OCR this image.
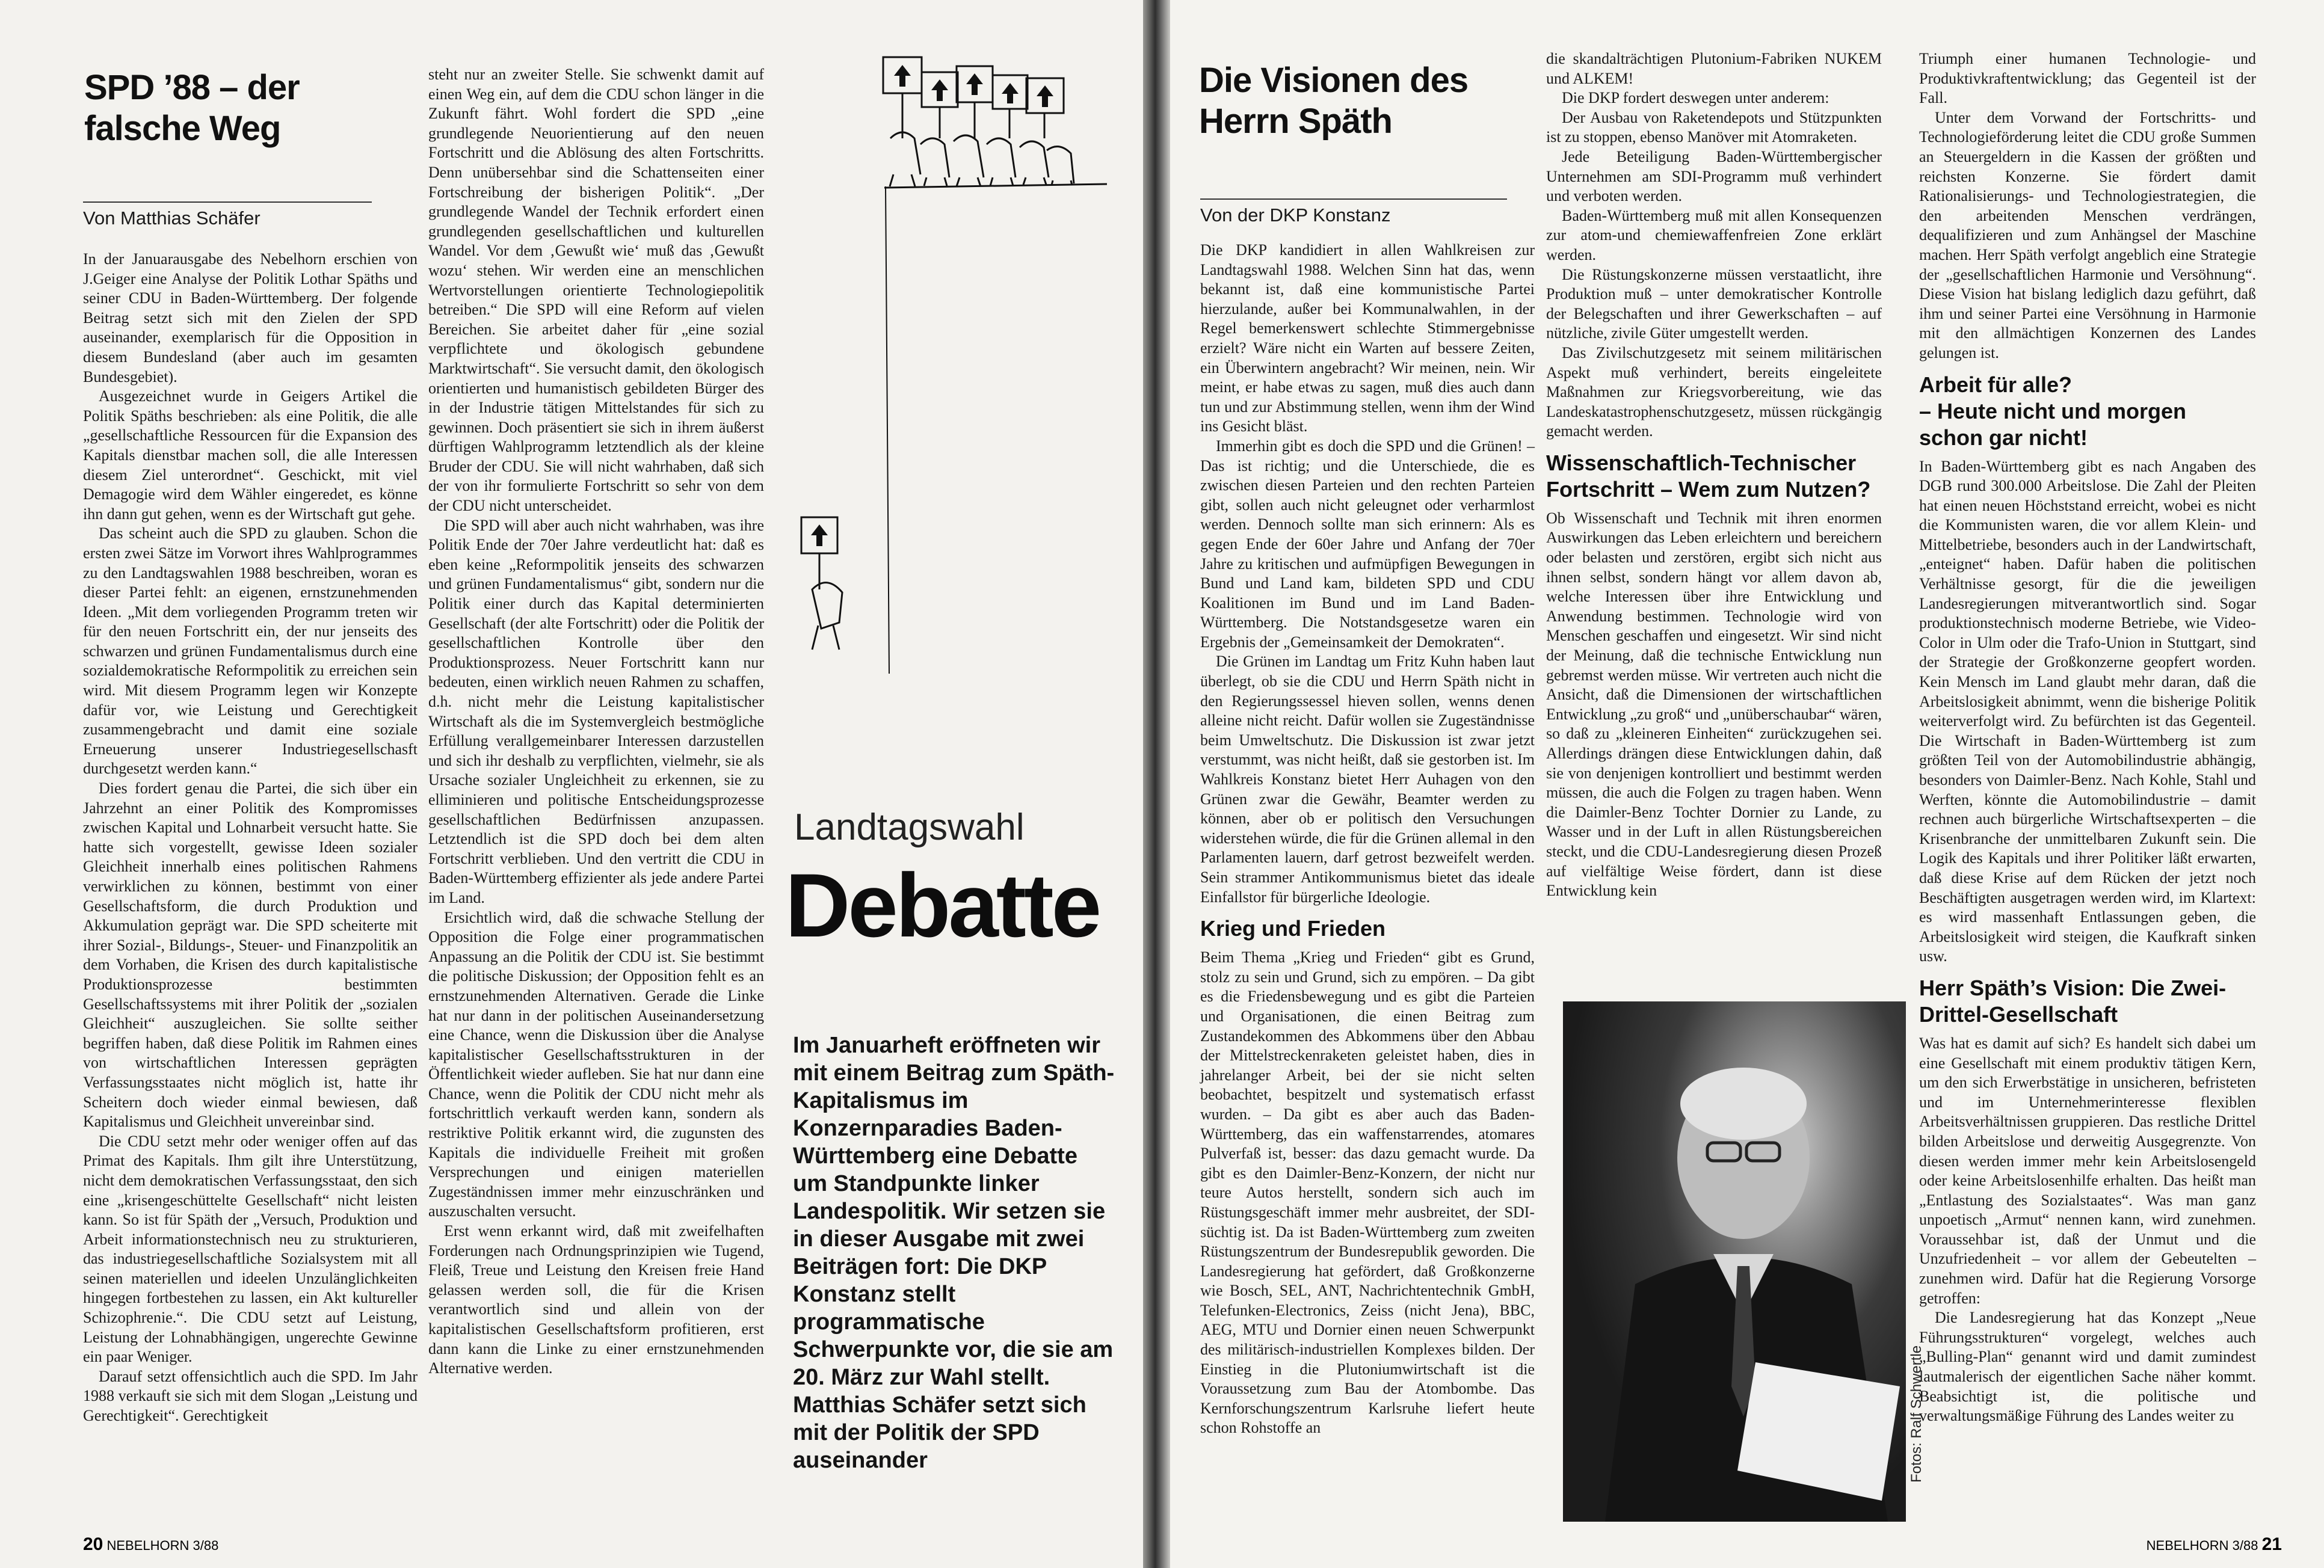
SPD ’88 – der falsche Weg
Von Matthias Schäfer

In der Januarausgabe des Nebelhorn erschien von J.Geiger eine Analyse der Politik Lothar Späths und seiner CDU in Baden-Württemberg. Der folgende Beitrag setzt sich mit den Zielen der SPD auseinander, exemplarisch für die Opposition in diesem Bundesland (aber auch im gesamten Bundesgebiet).

Ausgezeichnet wurde in Geigers Artikel die Politik Späths beschrieben: als eine Politik, die alle „gesellschaftliche Ressourcen für die Expansion des Kapitals dienstbar machen soll, die alle Interessen diesem Ziel unterordnet“. Geschickt, mit viel Demagogie wird dem Wähler eingeredet, es könne ihn dann gut gehen, wenn es der Wirtschaft gut gehe.

Das scheint auch die SPD zu glauben. Schon die ersten zwei Sätze im Vorwort ihres Wahlprogrammes zu den Landtagswahlen 1988 beschreiben, woran es dieser Partei fehlt: an eigenen, ernstzunehmenden Ideen. „Mit dem vorliegenden Programm treten wir für den neuen Fortschritt ein, der nur jenseits des schwarzen und grünen Fundamentalismus durch eine sozialdemokratische Reformpolitik zu erreichen sein wird. Mit diesem Programm legen wir Konzepte dafür vor, wie Leistung und Gerechtigkeit zusammengebracht und damit eine soziale Erneuerung unserer Industriegesellschasft durchgesetzt werden kann.“

Dies fordert genau die Partei, die sich über ein Jahrzehnt an einer Politik des Kompromisses zwischen Kapital und Lohnarbeit versucht hatte. Sie hatte sich vorgestellt, gewisse Ideen sozialer Gleichheit innerhalb eines politischen Rahmens verwirklichen zu können, bestimmt von einer Gesellschaftsform, die durch Produktion und Akkumulation geprägt war. Die SPD scheiterte mit ihrer Sozial-, Bildungs-, Steuer- und Finanzpolitik an dem Vorhaben, die Krisen des durch kapitalistische Produktionsprozesse bestimmten Gesellschaftssystems mit ihrer Politik der „sozialen Gleichheit“ auszugleichen. Sie sollte seither begriffen haben, daß diese Politik im Rahmen eines von wirtschaftlichen Interessen geprägten Verfassungsstaates nicht möglich ist, hatte ihr Scheitern doch wieder einmal bewiesen, daß Kapitalismus und Gleichheit unvereinbar sind.

Die CDU setzt mehr oder weniger offen auf das Primat des Kapitals. Ihm gilt ihre Unterstützung, nicht dem demokratischen Verfassungsstaat, den sich eine „krisengeschüttelte Gesellschaft“ nicht leisten kann. So ist für Späth der „Versuch, Produktion und Arbeit informationstechnisch neu zu strukturieren, das industriegesellschaftliche Sozialsystem mit all seinen materiellen und ideelen Unzulänglichkeiten hingegen fortbestehen zu lassen, ein Akt kultureller Schizophrenie.“. Die CDU setzt auf Leistung, Leistung der Lohnabhängigen, ungerechte Gewinne ein paar Weniger.

Darauf setzt offensichtlich auch die SPD. Im Jahr 1988 verkauft sie sich mit dem Slogan „Leistung und Gerechtigkeit“. Gerechtigkeit

steht nur an zweiter Stelle. Sie schwenkt damit auf einen Weg ein, auf dem die CDU schon länger in die Zukunft fährt. Wohl fordert die SPD „eine grundlegende Neuorientierung auf den neuen Fortschritt und die Ablösung des alten Fortschritts. Denn unübersehbar sind die Schattenseiten einer Fortschreibung der bisherigen Politik“. „Der grundlegende Wandel der Technik erfordert einen grundlegenden gesellschaftlichen und kulturellen Wandel. Vor dem ‚Gewußt wie‘ muß das ‚Gewußt wozu‘ stehen. Wir werden eine an menschlichen Wertvorstellungen orientierte Technologiepolitik betreiben.“ Die SPD will eine Reform auf vielen Bereichen. Sie arbeitet daher für „eine sozial verpflichtete und ökologisch gebundene Marktwirtschaft“. Sie versucht damit, den ökologisch orientierten und humanistisch gebildeten Bürger des in der Industrie tätigen Mittelstandes für sich zu gewinnen. Doch präsentiert sie sich in ihrem äußerst dürftigen Wahlprogramm letztendlich als der kleine Bruder der CDU. Sie will nicht wahrhaben, daß sich der von ihr formulierte Fortschritt so sehr von dem der CDU nicht unterscheidet.

Die SPD will aber auch nicht wahrhaben, was ihre Politik Ende der 70er Jahre verdeutlicht hat: daß es eben keine „Reformpolitik jenseits des schwarzen und grünen Fundamentalismus“ gibt, sondern nur die Politik einer durch das Kapital determinierten Gesellschaft (der alte Fortschritt) oder die Politik der gesellschaftlichen Kontrolle über den Produktionsprozess. Neuer Fortschritt kann nur bedeuten, einen wirklich neuen Rahmen zu schaffen, d.h. nicht mehr die Leistung kapitalistischer Wirtschaft als die im Systemvergleich bestmögliche Erfüllung verallgemeinbarer Interessen darzustellen und sich ihr deshalb zu verpflichten, vielmehr, sie als Ursache sozialer Ungleichheit zu erkennen, sie zu elliminieren und politische Entscheidungsprozesse gesellschaftlichen Bedürfnissen anzupassen. Letztendlich ist die SPD doch bei dem alten Fortschritt verblieben. Und den vertritt die CDU in Baden-Württemberg effizienter als jede andere Partei im Land.

Ersichtlich wird, daß die schwache Stellung der Opposition die Folge einer programmatischen Anpassung an die Politik der CDU ist. Sie bestimmt die politische Diskussion; der Opposition fehlt es an ernstzunehmenden Alternativen. Gerade die Linke hat nur dann in der politischen Auseinandersetzung eine Chance, wenn die Diskussion über die Analyse kapitalistischer Gesellschaftsstrukturen in der Öffentlichkeit wieder aufleben. Sie hat nur dann eine Chance, wenn die Politik der CDU nicht mehr als fortschrittlich verkauft werden kann, sondern als restriktive Politik erkannt wird, die zugunsten des Kapitals die individuelle Freiheit mit großen Versprechungen und einigen materiellen Zugeständnissen immer mehr einzuschränken und auszuschalten versucht.

Erst wenn erkannt wird, daß mit zweifelhaften Forderungen nach Ordnungsprinzipien wie Tugend, Fleiß, Treue und Leistung den Kreisen freie Hand gelassen werden soll, die für die Krisen verantwortlich sind und allein von der kapitalistischen Gesellschaftsform profitieren, erst dann kann die Linke zu einer ernstzunehmenden Alternative werden.

Landtagswahl
Debatte
Im Januarheft eröffneten wir mit einem Beitrag zum Späth-Kapitalismus im Konzernparadies Baden-Württemberg eine Debatte um Standpunkte linker Landespolitik. Wir setzen sie in dieser Ausgabe mit zwei Beiträgen fort: Die DKP Konstanz stellt programmatische Schwerpunkte vor, die sie am 20. März zur Wahl stellt.
Matthias Schäfer setzt sich mit der Politik der SPD auseinander
20 NEBELHORN 3/88
Die Visionen des Herrn Späth
Von der DKP Konstanz

Die DKP kandidiert in allen Wahlkreisen zur Landtagswahl 1988. Welchen Sinn hat das, wenn bekannt ist, daß eine kommunistische Partei hierzulande, außer bei Kommunalwahlen, in der Regel bemerkenswert schlechte Stimmergebnisse erzielt? Wäre nicht ein Warten auf bessere Zeiten, ein Überwintern angebracht? Wir meinen, nein. Wir meint, er habe etwas zu sagen, muß dies auch dann tun und zur Abstimmung stellen, wenn ihm der Wind ins Gesicht bläst.

Immerhin gibt es doch die SPD und die Grünen! – Das ist richtig; und die Unterschiede, die es zwischen diesen Parteien und den rechten Parteien gibt, sollen auch nicht geleugnet oder verharmlost werden. Dennoch sollte man sich erinnern: Als es gegen Ende der 60er Jahre und Anfang der 70er Jahre zu kritischen und aufmüpfigen Bewegungen in Bund und Land kam, bildeten SPD und CDU Koalitionen im Bund und im Land Baden-Württemberg. Die Notstandsgesetze waren ein Ergebnis der „Gemeinsamkeit der Demokraten“.

Die Grünen im Landtag um Fritz Kuhn haben laut überlegt, ob sie die CDU und Herrn Späth nicht in den Regierungssessel hieven sollen, wenns denen alleine nicht reicht. Dafür wollen sie Zugeständnisse beim Umweltschutz. Die Diskussion ist zwar jetzt verstummt, was nicht heißt, daß sie gestorben ist. Im Wahlkreis Konstanz bietet Herr Auhagen von den Grünen zwar die Gewähr, Beamter werden zu können, aber ob er politisch den Versuchungen widerstehen würde, die für die Grünen allemal in den Parlamenten lauern, darf getrost bezweifelt werden. Sein strammer Antikommunismus bietet das ideale Einfallstor für bürgerliche Ideologie.

Krieg und Frieden

Beim Thema „Krieg und Frieden“ gibt es Grund, stolz zu sein und Grund, sich zu empören. – Da gibt es die Friedensbewegung und es gibt die Parteien und Organisationen, die einen Beitrag zum Zustandekommen des Abkommens über den Abbau der Mittelstreckenraketen geleistet haben, dies in jahrelanger Arbeit, bei der sie nicht selten beobachtet, bespitzelt und systematisch erfasst wurden. – Da gibt es aber auch das Baden-Württemberg, das ein waffenstarrendes, atomares Pulverfaß ist, besser: das dazu gemacht wurde. Da gibt es den Daimler-Benz-Konzern, der nicht nur teure Autos herstellt, sondern sich auch im Rüstungsgeschäft immer mehr ausbreitet, der SDI-süchtig ist. Da ist Baden-Württemberg zum zweiten Rüstungszentrum der Bundesrepublik geworden. Die Landesregierung hat gefördert, daß Großkonzerne wie Bosch, SEL, ANT, Nachrichtentechnik GmbH, Telefunken-Electronics, Zeiss (nicht Jena), BBC, AEG, MTU und Dornier einen neuen Schwerpunkt des militärisch-industriellen Komplexes bilden. Der Einstieg in die Plutoniumwirtschaft ist die Voraussetzung zum Bau der Atombombe. Das Kernforschungszentrum Karlsruhe liefert heute schon Rohstoffe an

die skandalträchtigen Plutonium-Fabriken NUKEM und ALKEM!

Die DKP fordert deswegen unter anderem:

Der Ausbau von Raketendepots und Stützpunkten ist zu stoppen, ebenso Manöver mit Atomraketen.

Jede Beteiligung Baden-Württembergischer Unternehmen am SDI-Programm muß verhindert und verboten werden.

Baden-Württemberg muß mit allen Konsequenzen zur atom-und chemiewaffenfreien Zone erklärt werden.

Die Rüstungskonzerne müssen verstaatlicht, ihre Produktion muß – unter demokratischer Kontrolle der Belegschaften und ihrer Gewerkschaften – auf nützliche, zivile Güter umgestellt werden.

Das Zivilschutzgesetz mit seinem militärischen Aspekt muß verhindert, bereits eingeleitete Maßnahmen zur Kriegsvorbereitung, wie das Landeskatastrophenschutzgesetz, müssen rückgängig gemacht werden.

Wissenschaftlich-Technischer Fortschritt – Wem zum Nutzen?

Ob Wissenschaft und Technik mit ihren enormen Auswirkungen das Leben erleichtern und bereichern oder belasten und zerstören, ergibt sich nicht aus ihnen selbst, sondern hängt vor allem davon ab, welche Interessen über ihre Entwicklung und Anwendung bestimmen. Technologie wird von Menschen geschaffen und eingesetzt. Wir sind nicht der Meinung, daß die technische Entwicklung nun gebremst werden müsse. Wir vertreten auch nicht die Ansicht, daß die Dimensionen der wirtschaftlichen Entwicklung „zu groß“ und „unüberschaubar“ wären, so daß zu „kleineren Einheiten“ zurückzugehen sei. Allerdings drängen diese Entwicklungen dahin, daß sie von denjenigen kontrolliert und bestimmt werden müssen, die auch die Folgen zu tragen haben. Wenn die Daimler-Benz Tochter Dornier zu Lande, zu Wasser und in der Luft in allen Rüstungsbereichen steckt, und die CDU-Landesregierung diesen Prozeß auf vielfältige Weise fördert, dann ist diese Entwicklung kein

Triumph einer humanen Technologie- und Produktivkraftentwicklung; das Gegenteil ist der Fall.

Unter dem Vorwand der Fortschritts- und Technologieförderung leitet die CDU große Summen an Steuergeldern in die Kassen der größten und reichsten Konzerne. Sie fördert damit Rationalisierungs- und Technologiestrategien, die den arbeitenden Menschen verdrängen, dequalifizieren und zum Anhängsel der Maschine machen. Herr Späth verfolgt angeblich eine Strategie der „gesellschaftlichen Harmonie und Versöhnung“. Diese Vision hat bislang lediglich dazu geführt, daß ihm und seiner Partei eine Versöhnung in Harmonie mit den allmächtigen Konzernen des Landes gelungen ist.

Arbeit für alle?
– Heute nicht und morgen schon gar nicht!

In Baden-Württemberg gibt es nach Angaben des DGB rund 300.000 Arbeitslose. Die Zahl der Pleiten hat einen neuen Höchststand erreicht, wobei es nicht die Kommunisten waren, die vor allem Klein- und Mittelbetriebe, besonders auch in der Landwirtschaft, „enteignet“ haben. Dafür haben die politischen Verhältnisse gesorgt, für die die jeweiligen Landesregierungen mitverantwortlich sind. Sogar produktionstechnisch moderne Betriebe, wie Video-Color in Ulm oder die Trafo-Union in Stuttgart, sind der Strategie der Großkonzerne geopfert worden. Kein Mensch im Land glaubt mehr daran, daß die Arbeitslosigkeit abnimmt, wenn die bisherige Politik weiterverfolgt wird. Zu befürchten ist das Gegenteil. Die Wirtschaft in Baden-Württemberg ist zum größten Teil von der Automobilindustrie abhängig, besonders von Daimler-Benz. Nach Kohle, Stahl und Werften, könnte die Automobilindustrie – damit rechnen auch bürgerliche Wirtschaftsexperten – die Krisenbranche der unmittelbaren Zukunft sein. Die Logik des Kapitals und ihrer Politiker läßt erwarten, daß diese Krise auf dem Rücken der jetzt noch Beschäftigten ausgetragen werden wird, im Klartext: es wird massenhaft Entlassungen geben, die Arbeitslosigkeit wird steigen, die Kaufkraft sinken usw.

Herr Späth’s Vision: Die Zwei- Drittel-Gesellschaft

Was hat es damit auf sich? Es handelt sich dabei um eine Gesellschaft mit einem produktiv tätigen Kern, um den sich Erwerbstätige in unsicheren, befristeten und im Unternehmerinteresse flexiblen Arbeitsverhältnissen gruppieren. Das restliche Drittel bilden Arbeitslose und derweitig Ausgegrenzte. Von diesen werden immer mehr kein Arbeitslosengeld oder keine Arbeitslosenhilfe erhalten. Das heißt man „Entlastung des Sozialstaates“. Was man ganz unpoetisch „Armut“ nennen kann, wird zunehmen. Voraussehbar ist, daß der Unmut und die Unzufriedenheit – vor allem der Gebeutelten – zunehmen wird. Dafür hat die Regierung Vorsorge getroffen:

Die Landesregierung hat das Konzept „Neue Führungsstrukturen“ vorgelegt, welches auch „Bulling-Plan“ genannt wird und damit zumindest lautmalerisch der eigentlichen Sache näher kommt. Beabsichtigt ist, die politische und verwaltungsmäßige Führung des Landes weiter zu

NEBELHORN 3/88 21
Fotos: Ralf Schwertle
